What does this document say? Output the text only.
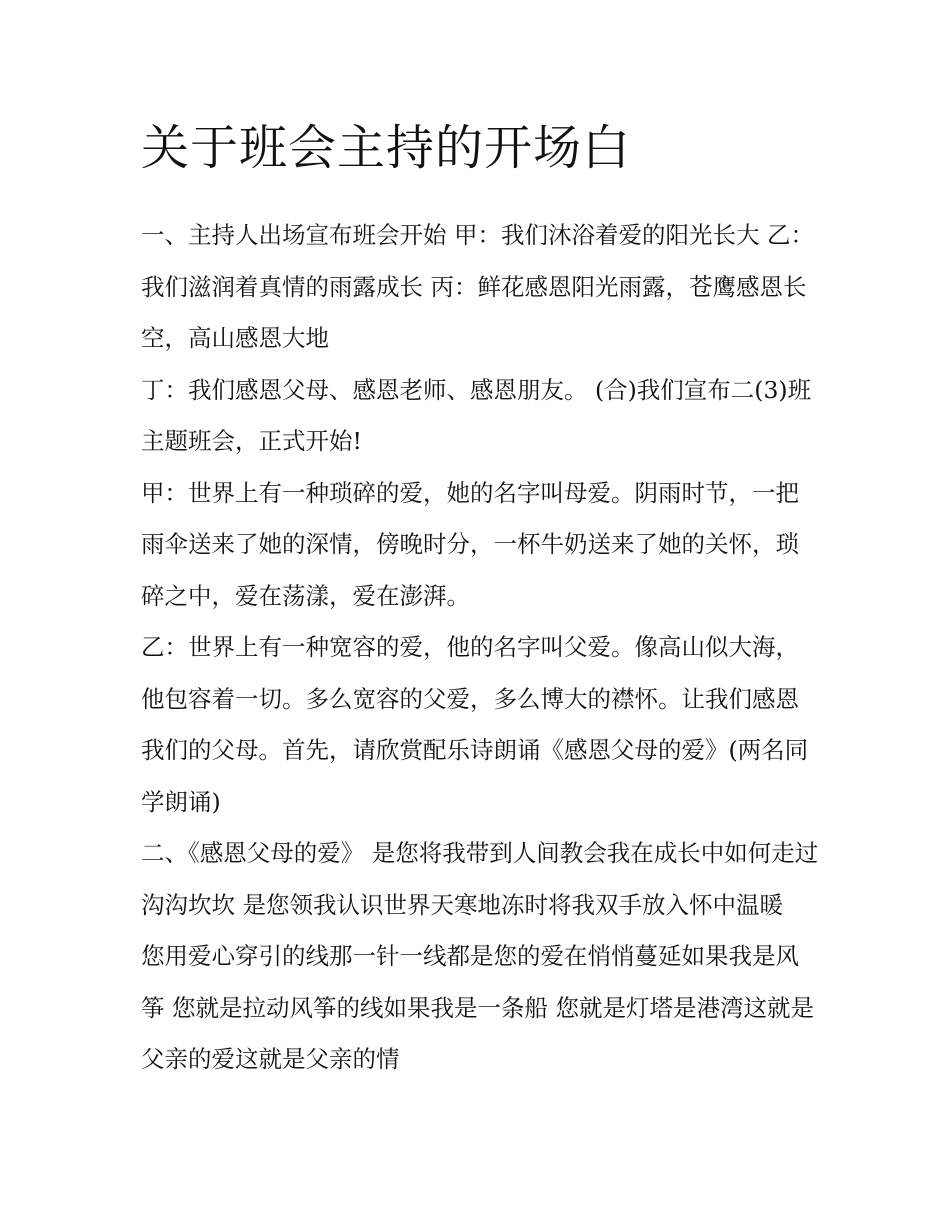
关于班会主持的开场白

一、主持人出场宣布班会开始 甲：我们沐浴着爱的阳光长大 乙：我们滋润着真情的雨露成长 丙：鲜花感恩阳光雨露，苍鹰感恩长空，高山感恩大地

丁：我们感恩父母、感恩老师、感恩朋友。 (合)我们宣布二(3)班主题班会，正式开始!

甲：世界上有一种琐碎的爱，她的名字叫母爱。阴雨时节，一把雨伞送来了她的深情，傍晚时分，一杯牛奶送来了她的关怀，琐碎之中，爱在荡漾，爱在澎湃。

乙：世界上有一种宽容的爱，他的名字叫父爱。像高山似大海，他包容着一切。多么宽容的父爱，多么博大的襟怀。让我们感恩我们的父母。首先，请欣赏配乐诗朗诵《感恩父母的爱》(两名同学朗诵)

二、《感恩父母的爱》 是您将我带到人间教会我在成长中如何走过沟沟坎坎 是您领我认识世界天寒地冻时将我双手放入怀中温暖

您用爱心穿引的线那一针一线都是您的爱在悄悄蔓延如果我是风筝 您就是拉动风筝的线如果我是一条船 您就是灯塔是港湾这就是父亲的爱这就是父亲的情
